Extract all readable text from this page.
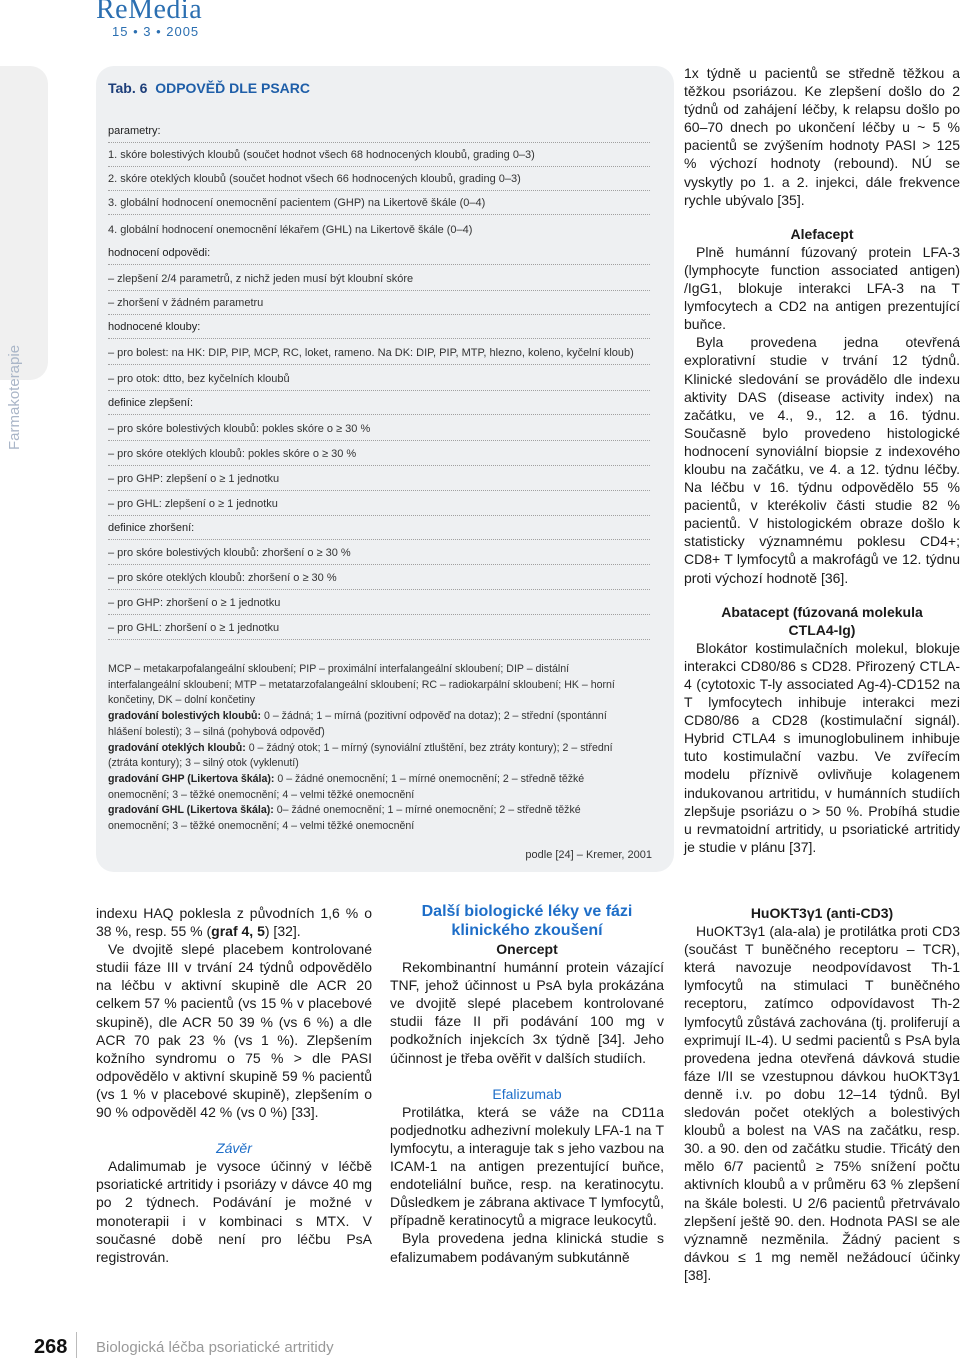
ReMedia
15 • 3 • 2005
Farmakoterapie
Tab. 6 ODPOVĚĎ DLE PSARC
parametry:
1. skóre bolestivých kloubů (součet hodnot všech 68 hodnocených kloubů, grading 0–3)
2. skóre oteklých kloubů (součet hodnot všech 66 hodnocených kloubů, grading 0–3)
3. globální hodnocení onemocnění pacientem (GHP) na Likertově škále (0–4)
4. globální hodnocení onemocnění lékařem (GHL) na Likertově škále (0–4)
hodnocení odpovědi:
– zlepšení 2/4 parametrů, z nichž jeden musí být kloubní skóre
– zhoršení v žádném parametru
hodnocené klouby:
– pro bolest: na HK: DIP, PIP, MCP, RC, loket, rameno. Na DK: DIP, PIP, MTP, hlezno, koleno, kyčelní kloub)
– pro otok: dtto, bez kyčelních kloubů
definice zlepšení:
– pro skóre bolestivých kloubů: pokles skóre o ≥ 30 %
– pro skóre oteklých kloubů: pokles skóre o ≥ 30 %
– pro GHP: zlepšení o ≥ 1 jednotku
– pro GHL: zlepšení o ≥ 1 jednotku
definice zhoršení:
– pro skóre bolestivých kloubů: zhoršení o ≥ 30 %
– pro skóre oteklých kloubů: zhoršení o ≥ 30 %
– pro GHP: zhoršení o ≥ 1 jednotku
– pro GHL: zhoršení o ≥ 1 jednotku
MCP – metakarpofalangeální skloubení; PIP – proximální interfalangeální skloubení; DIP – distální interfalangeální skloubení; MTP – metatarzofalangeální skloubení; RC – radiokarpální skloubení; HK – horní končetiny, DK – dolní končetiny
gradování bolestivých kloubů: 0 – žádná; 1 – mírná (pozitivní odpověď na dotaz); 2 – střední (spontánní hlášení bolesti); 3 – silná (pohybová odpověď)
gradování oteklých kloubů: 0 – žádný otok; 1 – mírný (synoviální ztluštění, bez ztráty kontury); 2 – střední (ztráta kontury); 3 – silný otok (vyklenutí)
gradování GHP (Likertova škála): 0 – žádné onemocnění; 1 – mírné onemocnění; 2 – středně těžké onemocnění; 3 – těžké onemocnění; 4 – velmi těžké onemocnění
gradování GHL (Likertova škála): 0– žádné onemocnění; 1 – mírné onemocnění; 2 – středně těžké onemocnění; 3 – těžké onemocnění; 4 – velmi těžké onemocnění
podle [24] – Kremer, 2001

indexu HAQ poklesla z původních 1,6 % o 38 %, resp. 55 % (graf 4, 5) [32].

Ve dvojitě slepé placebem kontrolované studii fáze III v trvání 24 týdnů odpovědělo na léčbu v aktivní skupině dle ACR 20 celkem 57 % pacientů (vs 15 % v placebové skupině), dle ACR 50 39 % (vs 6 %) a dle ACR 70 pak 23 % (vs 1 %). Zlepšením kožního syndromu o 75 % > dle PASI odpovědělo v aktivní skupině 59 % pacientů (vs 1 % v placebové skupině), zlepšením o 90 % odpověděl 42 % (vs 0 %) [33].

Závěr

Adalimumab je vysoce účinný v léčbě psoriatické artritidy i psoriázy v dávce 40 mg po 2 týdnech. Podávání je možné v monoterapii i v kombinaci s MTX. V současné době není pro léčbu PsA registrován.

Další biologické léky ve fázi klinického zkoušení

Onercept

Rekombinantní humánní protein vázající TNF, jehož účinnost u PsA byla prokázána ve dvojitě slepé placebem kontrolované studii fáze II při podávání 100 mg v podkožních injekcích 3x týdně [34]. Jeho účinnost je třeba ověřit v dalších studiích.

Efalizumab

Protilátka, která se váže na CD11a podjednotku adhezivní molekuly LFA-1 na T lymfocytu, a interaguje tak s jeho vazbou na ICAM-1 na antigen prezentující buňce, endoteliální buňce, resp. na keratinocytu. Důsledkem je zábrana aktivace T lymfocytů, případně keratinocytů a migrace leukocytů.

Byla provedena jedna klinická studie s efalizumabem podávaným subkutánně

1x týdně u pacientů se středně těžkou a těžkou psoriázou. Ke zlepšení došlo do 2 týdnů od zahájení léčby, k relapsu došlo po 60–70 dnech po ukončení léčby u ~ 5 % pacientů se zvýšením hodnoty PASI > 125 % výchozí hodnoty (rebound). NÚ se vyskytly po 1. a 2. injekci, dále frekvence rychle ubývalo [35].

Alefacept

Plně humánní fúzovaný protein LFA-3 (lymphocyte function associated antigen) /IgG1, blokuje interakci LFA-3 na T lymfocytech a CD2 na antigen prezentující buňce.

Byla provedena jedna otevřená explorativní studie v trvání 12 týdnů. Klinické sledování se provádělo dle indexu aktivity DAS (disease activity index) na začátku, ve 4., 9., 12. a 16. týdnu. Současně bylo provedeno histologické hodnocení synoviální biopsie z indexového kloubu na začátku, ve 4. a 12. týdnu léčby. Na léčbu v 16. týdnu odpovědělo 55 % pacientů, v kterékoliv části studie 82 % pacientů. V histologickém obraze došlo k statisticky významnému poklesu CD4+; CD8+ T lymfocytů a makrofágů ve 12. týdnu proti výchozí hodnotě [36].

Abatacept (fúzovaná molekula CTLA4-Ig)

Blokátor kostimulačních molekul, blokuje interakci CD80/86 s CD28. Přirozený CTLA-4 (cytotoxic T-ly associated Ag-4)-CD152 na T lymfocytech inhibuje interakci mezi CD80/86 a CD28 (kostimulační signál). Hybrid CTLA4 s imunoglobulinem inhibuje tuto kostimulační vazbu. Ve zvířecím modelu příznivě ovlivňuje kolagenem indukovanou artritidu, v humánních studiích zlepšuje psoriázu o > 50 %. Probíhá studie u revmatoidní artritidy, u psoriatické artritidy je studie v plánu [37].

HuOKT3γ1 (anti-CD3)

HuOKT3γ1 (ala-ala) je protilátka proti CD3 (součást T buněčného receptoru – TCR), která navozuje neodpovídavost Th-1 lymfocytů na stimulaci T buněčného receptoru, zatímco odpovídavost Th-2 lymfocytů zůstává zachována (tj. proliferují a exprimují IL-4). U sedmi pacientů s PsA byla provedena jedna otevřená dávková studie fáze I/II se vzestupnou dávkou huOKT3γ1 denně i.v. po dobu 12–14 týdnů. Byl sledován počet oteklých a bolestivých kloubů a bolest na VAS na začátku, resp. 30. a 90. den od začátku studie. Třicátý den mělo 6/7 pacientů ≥ 75% snížení počtu aktivních kloubů a v průměru 63 % zlepšení na škále bolesti. U 2/6 pacientů přetrvávalo zlepšení ještě 90. den. Hodnota PASI se ale významně nezměnila. Žádný pacient s dávkou ≤ 1 mg neměl nežádoucí účinky [38].

268 Biologická léčba psoriatické artritidy
